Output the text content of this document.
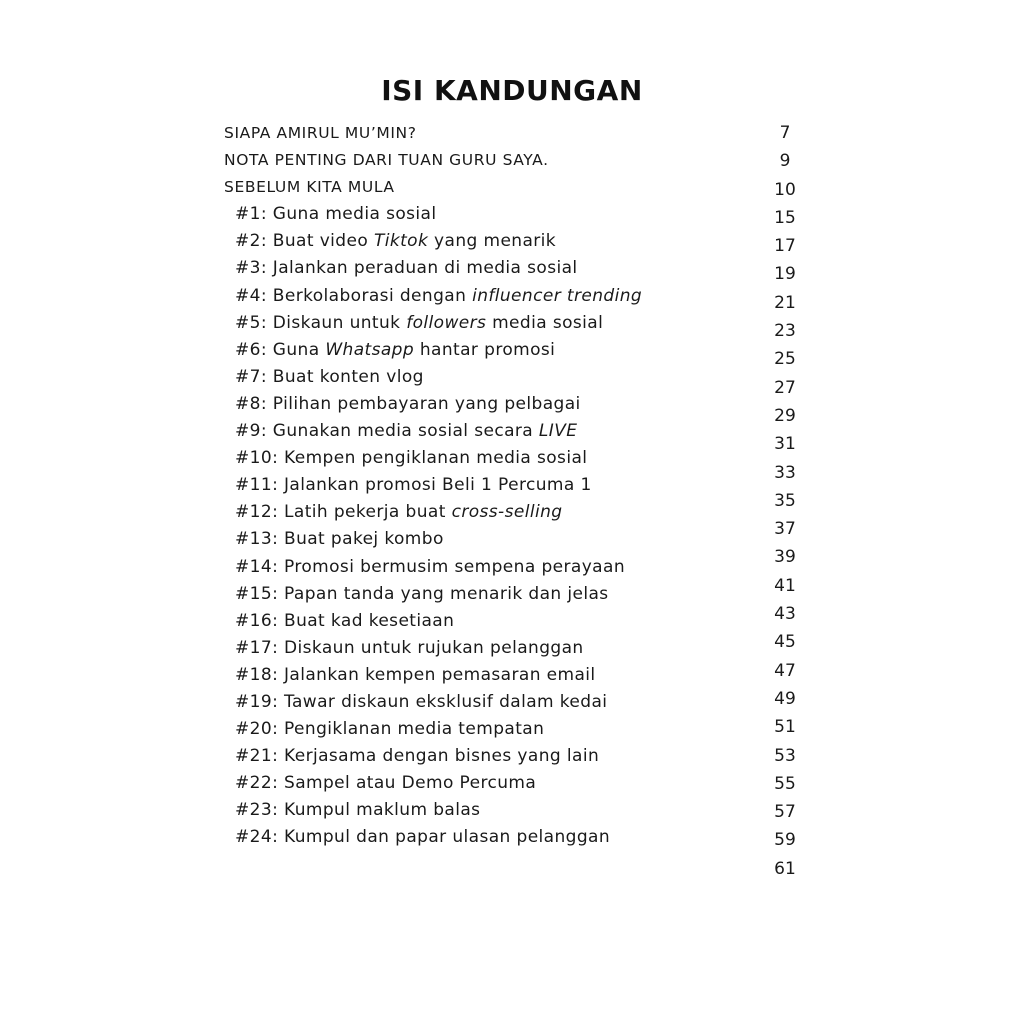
ISI KANDUNGAN
SIAPA AMIRUL MU’MIN?
NOTA PENTING DARI TUAN GURU SAYA.
SEBELUM KITA MULA
#1: Guna media sosial
#2: Buat video Tiktok yang menarik
#3: Jalankan peraduan di media sosial
#4: Berkolaborasi dengan influencer trending
#5: Diskaun untuk followers media sosial
#6: Guna Whatsapp hantar promosi
#7: Buat konten vlog
#8: Pilihan pembayaran yang pelbagai
#9: Gunakan media sosial secara LIVE
#10: Kempen pengiklanan media sosial
#11: Jalankan promosi Beli 1 Percuma 1
#12: Latih pekerja buat cross-selling
#13: Buat pakej kombo
#14: Promosi bermusim sempena perayaan
#15: Papan tanda yang menarik dan jelas
#16: Buat kad kesetiaan
#17: Diskaun untuk rujukan pelanggan
#18: Jalankan kempen pemasaran email
#19: Tawar diskaun eksklusif dalam kedai
#20: Pengiklanan media tempatan
#21: Kerjasama dengan bisnes yang lain
#22: Sampel atau Demo Percuma
#23: Kumpul maklum balas
#24: Kumpul dan papar ulasan pelanggan
7
9
10
15
17
19
21
23
25
27
29
31
33
35
37
39
41
43
45
47
49
51
53
55
57
59
61
